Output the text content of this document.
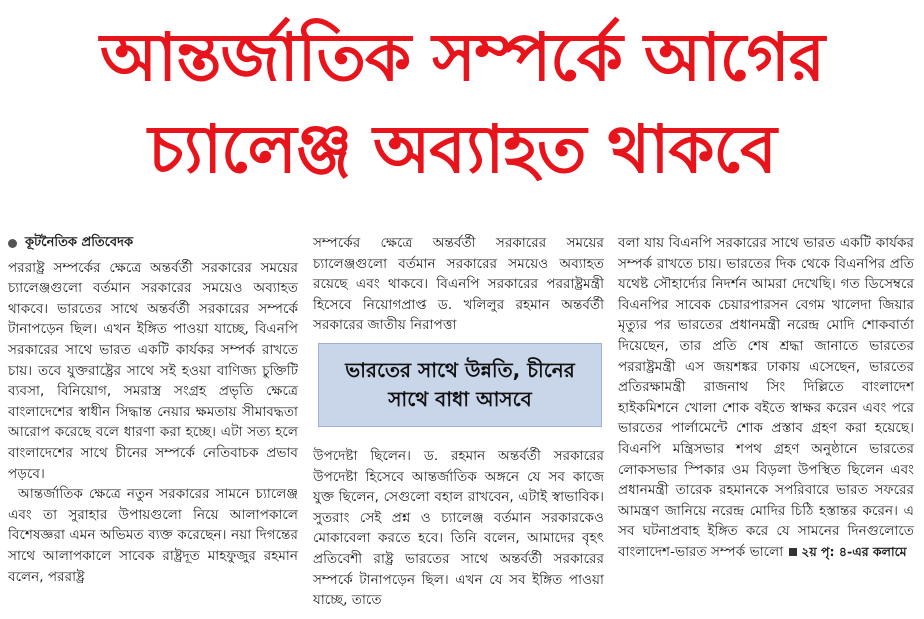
আন্তর্জাতিক সম্পর্কে আগের
চ্যালেঞ্জ অব্যাহত থাকবে
কূটনৈতিক প্রতিবেদক

পররাষ্ট্র সম্পর্কের ক্ষেত্রে অন্তর্বর্তী সরকারের সময়ের চ্যালেঞ্জগুলো বর্তমান সরকারের সময়েও অব্যাহত থাকবে। ভারতের সাথে অন্তর্বর্তী সরকারের সম্পর্কে টানাপড়েন ছিল। এখন ইঙ্গিত পাওয়া যাচ্ছে, বিএনপি সরকারের সাথে ভারত একটি কার্যকর সম্পর্ক রাখতে চায়। তবে যুক্তরাষ্ট্রের সাথে সই হওয়া বাণিজ্য চুক্তিটি ব্যবসা, বিনিয়োগ, সমরাস্ত্র সংগ্রহ প্রভৃতি ক্ষেত্রে বাংলাদেশের স্বাধীন সিদ্ধান্ত নেয়ার ক্ষমতায় সীমাবদ্ধতা আরোপ করেছে বলে ধারণা করা হচ্ছে। এটা সত্য হলে বাংলাদেশের সাথে চীনের সম্পর্কে নেতিবাচক প্রভাব পড়বে।

আন্তর্জাতিক ক্ষেত্রে নতুন সরকারের সামনে চ্যালেঞ্জ এবং তা সুরাহার উপায়গুলো নিয়ে আলাপকালে বিশেষজ্ঞরা এমন অভিমত ব্যক্ত করেছেন। নয়া দিগন্তের সাথে আলাপকালে সাবেক রাষ্ট্রদূত মাহফুজুর রহমান বলেন, পররাষ্ট্র

সম্পর্কের ক্ষেত্রে অন্তর্বর্তী সরকারের সময়ের চ্যালেঞ্জগুলো বর্তমান সরকারের সময়েও অব্যাহত রয়েছে এবং থাকবে। বিএনপি সরকারের পররাষ্ট্রমন্ত্রী হিসেবে নিয়োগপ্রাপ্ত ড. খলিলুর রহমান অন্তর্বর্তী সরকারের জাতীয় নিরাপত্তা

ভারতের সাথে উন্নতি, চীনের
সাথে বাধা আসবে

উপদেষ্টা ছিলেন। ড. রহমান অন্তর্বর্তী সরকারের উপদেষ্টা হিসেবে আন্তর্জাতিক অঙ্গনে যে সব কাজে যুক্ত ছিলেন, সেগুলো বহাল রাখবেন, এটাই স্বাভাবিক। সুতরাং সেই প্রশ্ন ও চ্যালেঞ্জ বর্তমান সরকারকেও মোকাবেলা করতে হবে। তিনি বলেন, আমাদের বৃহৎ প্রতিবেশী রাষ্ট্র ভারতের সাথে অন্তর্বর্তী সরকারের সম্পর্কে টানাপড়েন ছিল। এখন যে সব ইঙ্গিত পাওয়া যাচ্ছে, তাতে

বলা যায় বিএনপি সরকারের সাথে ভারত একটি কার্যকর সম্পর্ক রাখতে চায়। ভারতের দিক থেকে বিএনপির প্রতি যথেষ্ট সৌহার্দ্যের নিদর্শন আমরা দেখেছি। গত ডিসেম্বরে বিএনপির সাবেক চেয়ারপারসন বেগম খালেদা জিয়ার মৃত্যুর পর ভারতের প্রধানমন্ত্রী নরেন্দ্র মোদি শোকবার্তা দিয়েছেন, তার প্রতি শেষ শ্রদ্ধা জানাতে ভারতের পররাষ্ট্রমন্ত্রী এস জয়শঙ্কর ঢাকায় এসেছেন, ভারতের প্রতিরক্ষামন্ত্রী রাজনাথ সিং দিল্লিতে বাংলাদেশ হাইকমিশনে খোলা শোক বইতে স্বাক্ষর করেন এবং পরে ভারতের পার্লামেন্টে শোক প্রস্তাব গ্রহণ করা হয়েছে। বিএনপি মন্ত্রিসভার শপথ গ্রহণ অনুষ্ঠানে ভারতের লোকসভার স্পিকার ওম বিড়লা উপস্থিত ছিলেন এবং প্রধানমন্ত্রী তারেক রহমানকে সপরিবারে ভারত সফরের আমন্ত্রণ জানিয়ে নরেন্দ্র মোদির চিঠি হস্তান্তর করেন। এ সব ঘটনাপ্রবাহ ইঙ্গিত করে যে সামনের দিনগুলোতে বাংলাদেশ-ভারত সম্পর্ক ভালো ২য় পৃ: ৪-এর কলামে
